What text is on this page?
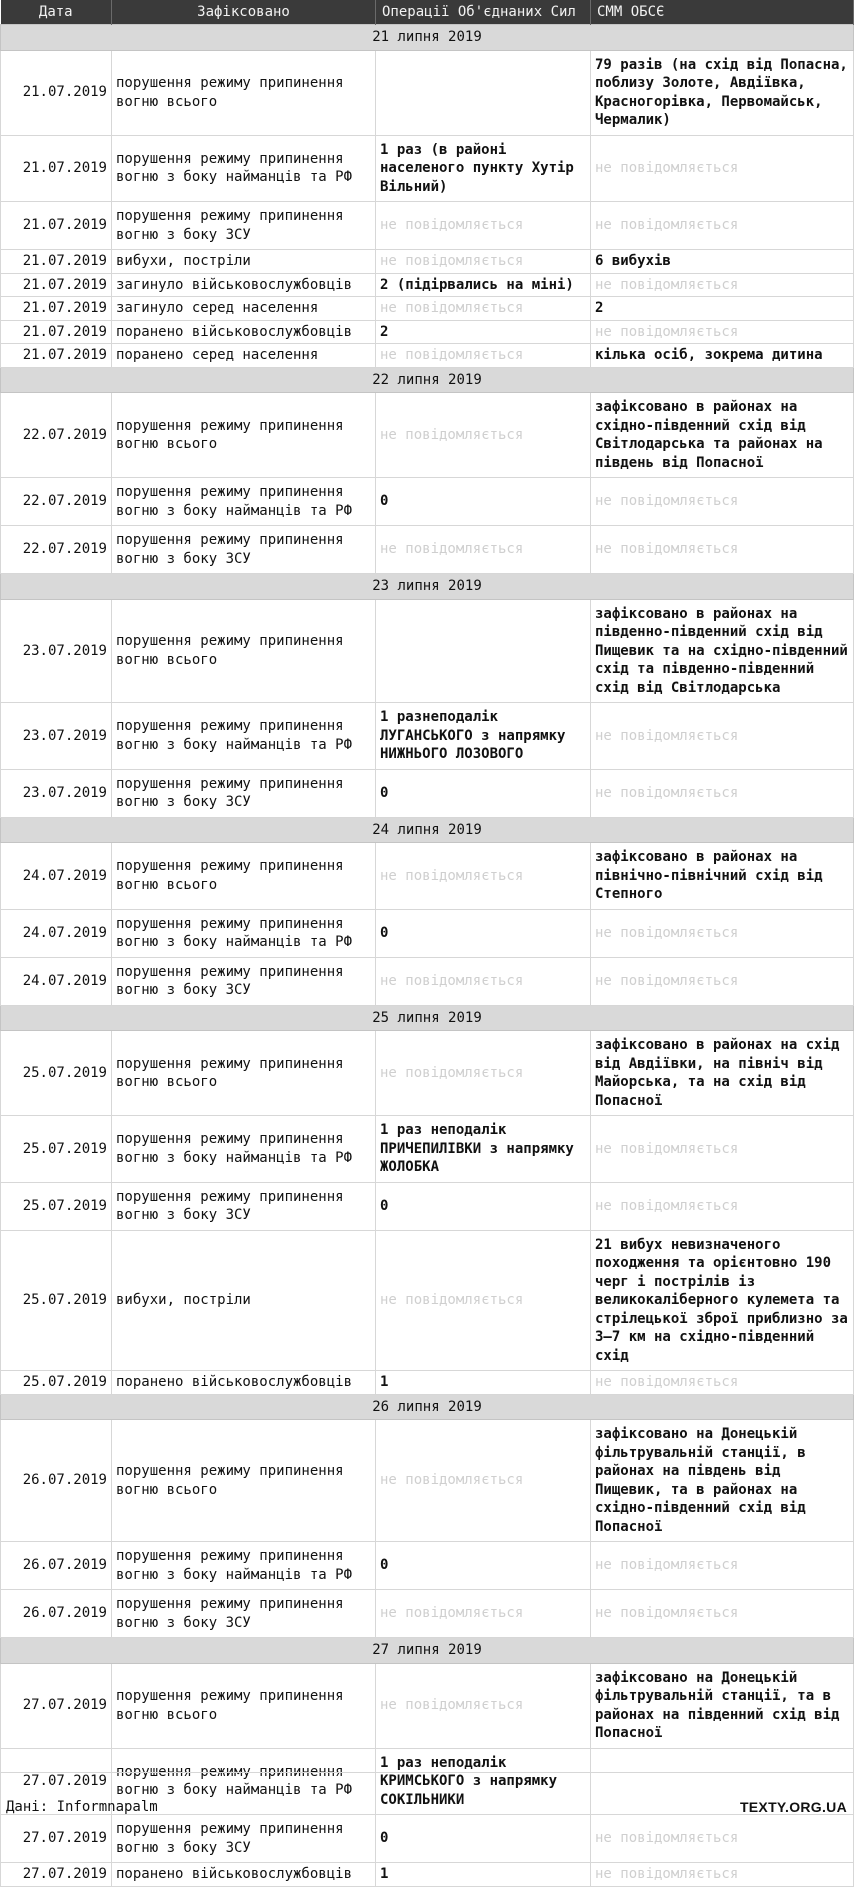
Дата	Зафіксовано	Операції Об'єднаних Сил	СММ ОБСЄ
21 липня 2019			
21.07.2019	порушення режиму припинення вогню всього		79 разів (на схід від Попасна, поблизу Золоте, Авдіївка, Красногорівка, Первомайськ, Чермалик)
21.07.2019	порушення режиму припинення вогню з боку найманців та РФ	1 раз (в районі населеного пункту Хутір Вільний)	не повідомляється
21.07.2019	порушення режиму припинення вогню з боку ЗСУ	не повідомляється	не повідомляється
21.07.2019	вибухи, постріли	не повідомляється	6 вибухів
21.07.2019	загинуло військовослужбовців	2 (підірвались на міні)	не повідомляється
21.07.2019	загинуло серед населення	не повідомляється	2
21.07.2019	поранено військовослужбовців	2	не повідомляється
21.07.2019	поранено серед населення	не повідомляється	кілька осіб, зокрема дитина
22 липня 2019			
22.07.2019	порушення режиму припинення вогню всього	не повідомляється	зафіксовано в районах на східно-південний схід від Світлодарська та районах на південь від Попасної
22.07.2019	порушення режиму припинення вогню з боку найманців та РФ	0	не повідомляється
22.07.2019	порушення режиму припинення вогню з боку ЗСУ	не повідомляється	не повідомляється
23 липня 2019			
23.07.2019	порушення режиму припинення вогню всього		зафіксовано в районах на південно-південний схід від Пищевик та на східно-південний схід та південно-південний схід від Світлодарська
23.07.2019	порушення режиму припинення вогню з боку найманців та РФ	1 разнеподалік ЛУГАНСЬКОГО з напрямку НИЖНЬОГО ЛОЗОВОГО	не повідомляється
23.07.2019	порушення режиму припинення вогню з боку ЗСУ	0	не повідомляється
24 липня 2019			
24.07.2019	порушення режиму припинення вогню всього	не повідомляється	зафіксовано в районах на північно-північний схід від Степного
24.07.2019	порушення режиму припинення вогню з боку найманців та РФ	0	не повідомляється
24.07.2019	порушення режиму припинення вогню з боку ЗСУ	не повідомляється	не повідомляється
25 липня 2019			
25.07.2019	порушення режиму припинення вогню всього	не повідомляється	зафіксовано в районах на схід від Авдіївки, на північ від Майорська, та на схід від Попасної
25.07.2019	порушення режиму припинення вогню з боку найманців та РФ	1 раз неподалік ПРИЧЕПИЛІВКИ з напрямку ЖОЛОБКА	не повідомляється
25.07.2019	порушення режиму припинення вогню з боку ЗСУ	0	не повідомляється
25.07.2019	вибухи, постріли	не повідомляється	21 вибух невизначеного походження та орієнтовно 190 черг і пострілів із великокаліберного кулемета та стрілецької зброї приблизно за 3–7 км на східно-південний схід
25.07.2019	поранено військовослужбовців	1	не повідомляється
26 липня 2019			
26.07.2019	порушення режиму припинення вогню всього	не повідомляється	зафіксовано на Донецькій фільтрувальній станції, в районах на південь від Пищевик, та в районах на східно-південний схід від Попасної
26.07.2019	порушення режиму припинення вогню з боку найманців та РФ	0	не повідомляється
26.07.2019	порушення режиму припинення вогню з боку ЗСУ	не повідомляється	не повідомляється
27 липня 2019			
27.07.2019	порушення режиму припинення вогню всього	не повідомляється	зафіксовано на Донецькій фільтрувальній станції, та в районах на південний схід від Попасної
27.07.2019	порушення режиму припинення вогню з боку найманців та РФ	1 раз неподалік КРИМСЬКОГО з напрямку СОКІЛЬНИКИ	
27.07.2019	порушення режиму припинення вогню з боку ЗСУ	0	не повідомляється
27.07.2019	поранено військовослужбовців	1	не повідомляється
Дані: Informnapalm	TEXTY.ORG.UA
